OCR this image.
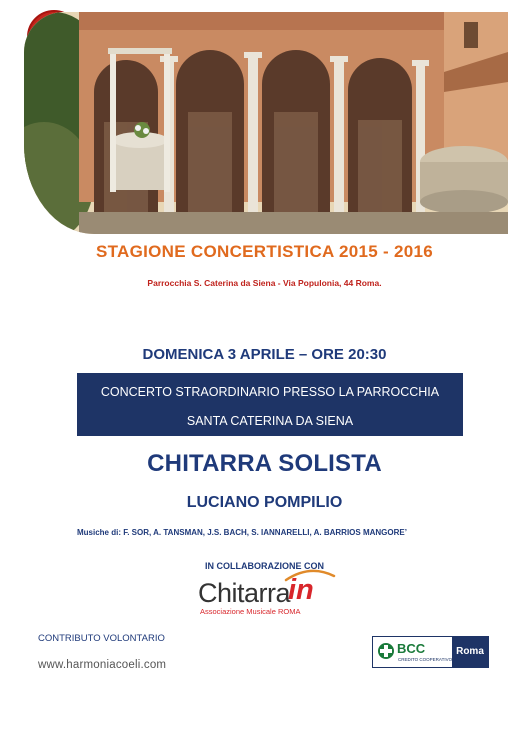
STAGIONE CONCERTISTICA 2015 - 2016
Parrocchia S. Caterina da Siena - Via Populonia, 44 Roma.
DOMENICA 3 APRILE – ORE 20:30
CONCERTO STRAORDINARIO PRESSO LA PARROCCHIA
SANTA CATERINA DA SIENA
CHITARRA SOLISTA
LUCIANO POMPILIO
Musiche di: F. SOR, A. TANSMAN, J.S. BACH, S. IANNARELLI, A. BARRIOS MANGORE’
IN COLLABORAZIONE CON
Chitarra
in
Associazione Musicale ROMA
CONTRIBUTO VOLONTARIO
www.harmoniacoeli.com
BCC
CREDITO COOPERATIVO
Roma
